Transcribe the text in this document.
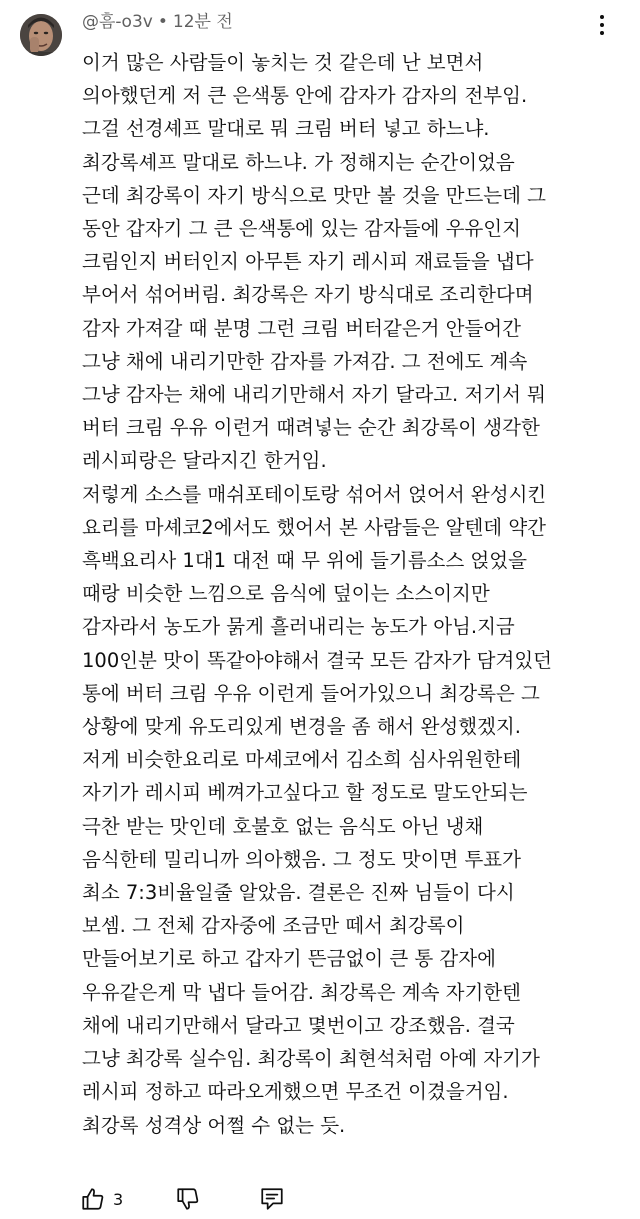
@흠-o3v • 12분 전

이거 많은 사람들이 놓치는 것 같은데 난 보면서
의아했던게 저 큰 은색통 안에 감자가 감자의 전부임.
그걸 선경셰프 말대로 뭐 크림 버터 넣고 하느냐.
최강록셰프 말대로 하느냐. 가 정해지는 순간이었음
근데 최강록이 자기 방식으로 맛만 볼 것을 만드는데 그
동안 갑자기 그 큰 은색통에 있는 감자들에 우유인지
크림인지 버터인지 아무튼 자기 레시피 재료들을 냅다
부어서 섞어버림. 최강록은 자기 방식대로 조리한다며
감자 가져갈 때 분명 그런 크림 버터같은거 안들어간
그냥 채에 내리기만한 감자를 가져감. 그 전에도 계속
그냥 감자는 채에 내리기만해서 자기 달라고. 저기서 뭐
버터 크림 우유 이런거 때려넣는 순간 최강록이 생각한
레시피랑은 달라지긴 한거임.
저렇게 소스를 매쉬포테이토랑 섞어서 얹어서 완성시킨
요리를 마셰코2에서도 했어서 본 사람들은 알텐데 약간
흑백요리사 1대1 대전 때 무 위에 들기름소스 얹었을
때랑 비슷한 느낌으로 음식에 덮이는 소스이지만
감자라서 농도가 묽게 흘러내리는 농도가 아님.지금
100인분 맛이 똑같아야해서 결국 모든 감자가 담겨있던
통에 버터 크림 우유 이런게 들어가있으니 최강록은 그
상황에 맞게 유도리있게 변경을 좀 해서 완성했겠지.
저게 비슷한요리로 마셰코에서 김소희 심사위원한테
자기가 레시피 베껴가고싶다고 할 정도로 말도안되는
극찬 받는 맛인데 호불호 없는 음식도 아닌 냉채
음식한테 밀리니까 의아했음. 그 정도 맛이면 투표가
최소 7:3비율일줄 알았음. 결론은 진짜 님들이 다시
보셈. 그 전체 감자중에 조금만 떼서 최강록이
만들어보기로 하고 갑자기 뜬금없이 큰 통 감자에
우유같은게 막 냅다 들어감. 최강록은 계속 자기한텐
채에 내리기만해서 달라고 몇번이고 강조했음. 결국
그냥 최강록 실수임. 최강록이 최현석처럼 아예 자기가
레시피 정하고 따라오게했으면 무조건 이겼을거임.
최강록 성격상 어쩔 수 없는 듯.

3
